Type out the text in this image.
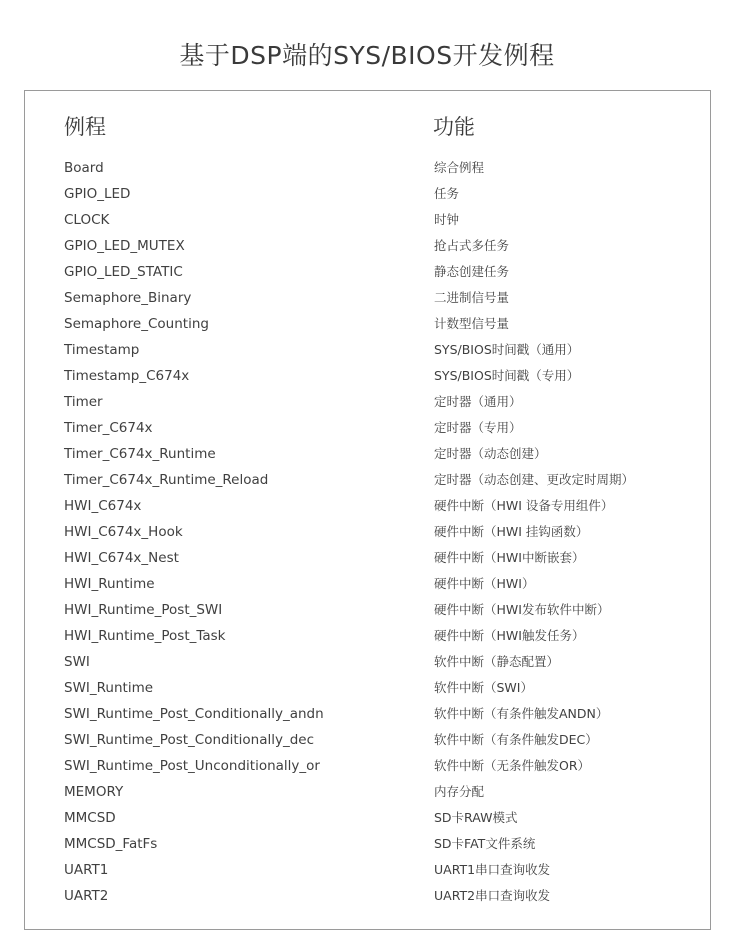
基于DSP端的SYS/BIOS开发例程
例程	功能
Board	综合例程
GPIO_LED	任务
CLOCK	时钟
GPIO_LED_MUTEX	抢占式多任务
GPIO_LED_STATIC	静态创建任务
Semaphore_Binary	二进制信号量
Semaphore_Counting	计数型信号量
Timestamp	SYS/BIOS时间戳（通用）
Timestamp_C674x	SYS/BIOS时间戳（专用）
Timer	定时器（通用）
Timer_C674x	定时器（专用）
Timer_C674x_Runtime	定时器（动态创建）
Timer_C674x_Runtime_Reload	定时器（动态创建、更改定时周期）
HWI_C674x	硬件中断（HWI 设备专用组件）
HWI_C674x_Hook	硬件中断（HWI 挂钩函数）
HWI_C674x_Nest	硬件中断（HWI中断嵌套）
HWI_Runtime	硬件中断（HWI）
HWI_Runtime_Post_SWI	硬件中断（HWI发布软件中断）
HWI_Runtime_Post_Task	硬件中断（HWI触发任务）
SWI	软件中断（静态配置）
SWI_Runtime	软件中断（SWI）
SWI_Runtime_Post_Conditionally_andn	软件中断（有条件触发ANDN）
SWI_Runtime_Post_Conditionally_dec	软件中断（有条件触发DEC）
SWI_Runtime_Post_Unconditionally_or	软件中断（无条件触发OR）
MEMORY	内存分配
MMCSD	SD卡RAW模式
MMCSD_FatFs	SD卡FAT文件系统
UART1	UART1串口查询收发
UART2	UART2串口查询收发
